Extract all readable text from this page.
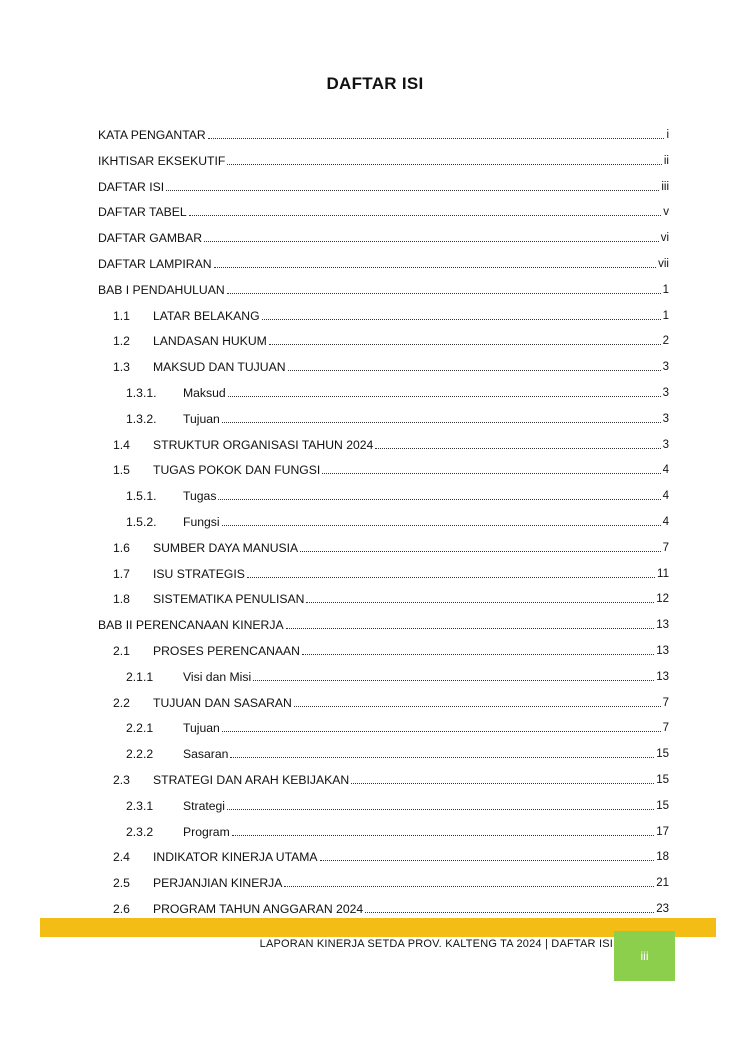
DAFTAR ISI
KATA PENGANTAR	i
IKHTISAR EKSEKUTIF	ii
DAFTAR ISI	iii
DAFTAR TABEL	v
DAFTAR GAMBAR	vi
DAFTAR LAMPIRAN	vii
BAB I PENDAHULUAN	1
1.1	LATAR BELAKANG	1
1.2	LANDASAN HUKUM	2
1.3	MAKSUD DAN TUJUAN	3
1.3.1.	Maksud	3
1.3.2.	Tujuan	3
1.4	STRUKTUR ORGANISASI TAHUN 2024	3
1.5	TUGAS POKOK DAN FUNGSI	4
1.5.1.	Tugas	4
1.5.2.	Fungsi	4
1.6	SUMBER DAYA MANUSIA	7
1.7	ISU STRATEGIS	11
1.8	SISTEMATIKA PENULISAN	12
BAB II PERENCANAAN KINERJA	13
2.1	PROSES PERENCANAAN	13
2.1.1	Visi dan Misi	13
2.2	TUJUAN DAN SASARAN	7
2.2.1	Tujuan	7
2.2.2	Sasaran	15
2.3	STRATEGI DAN ARAH KEBIJAKAN	15
2.3.1	Strategi	15
2.3.2	Program	17
2.4	INDIKATOR KINERJA UTAMA	18
2.5	PERJANJIAN KINERJA	21
2.6	PROGRAM TAHUN ANGGARAN 2024	23
LAPORAN KINERJA SETDA PROV. KALTENG TA 2024 | DAFTAR ISI
iii
